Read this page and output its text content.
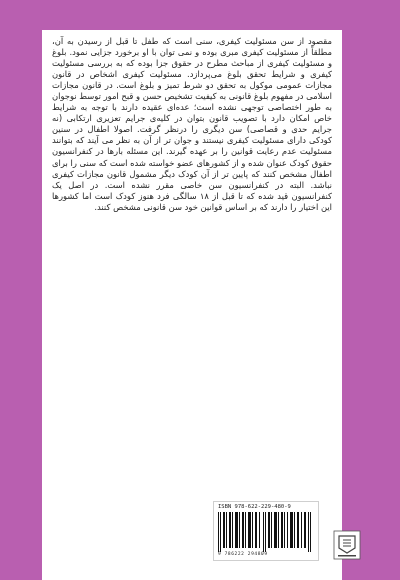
مقصود از سن مسئولیت کیفری، سنی است که طفل تا قبل از رسیدن به آن، مطلقاً از مسئولیت کیفری مبری بوده و نمی توان با او برخورد جزایی نمود. بلوغ و مسئولیت کیفری از مباحث مطرح در حقوق جزا بوده که به بررسی مسئولیت کیفری و شرایط تحقق بلوغ می‌پردازد. مسئولیت کیفری اشخاص در قانون مجازات عمومی موکول به تحقق دو شرط تمیز و بلوغ است. در قانون مجازات اسلامی در مفهوم بلوغ قانونی به کیفیت تشخیص حسن و قبح امور توسط نوجوان به طور اختصاصی توجهی نشده است؛ عده‌ای عقیده دارند با توجه به شرایط خاص امکان دارد با تصویب قانون بتوان در کلیه‌ی جرایم تعزیری ارتکابی (نه جرایم حدی و قصاصی) سن دیگری را درنظر گرفت. اصولا اطفال در سنین کودکی دارای مسئولیت کیفری نیستند و جوان تر از آن به نظر می آیند که بتوانند مسئولیت عدم رعایت قوانین را بر عهده گیرند. این مسئله بارها در کنفرانسیون حقوق کودک عنوان شده و از کشورهای عضو خواسته شده است که سنی را برای اطفال مشخص کنند که پایین تر از آن کودک دیگر مشمول قانون مجازات کیفری نباشد. البته در کنفرانسیون سن خاصی مقرر نشده است. در اصل یک کنفرانسیون قید شده که تا قبل از ۱۸ سالگی فرد هنوز کودک است اما کشورها این اختیار را دارند که بر اساس قوانین خود سن قانونی مشخص کنند.
ISBN 978-622-229-480-9
9 786222 294809
